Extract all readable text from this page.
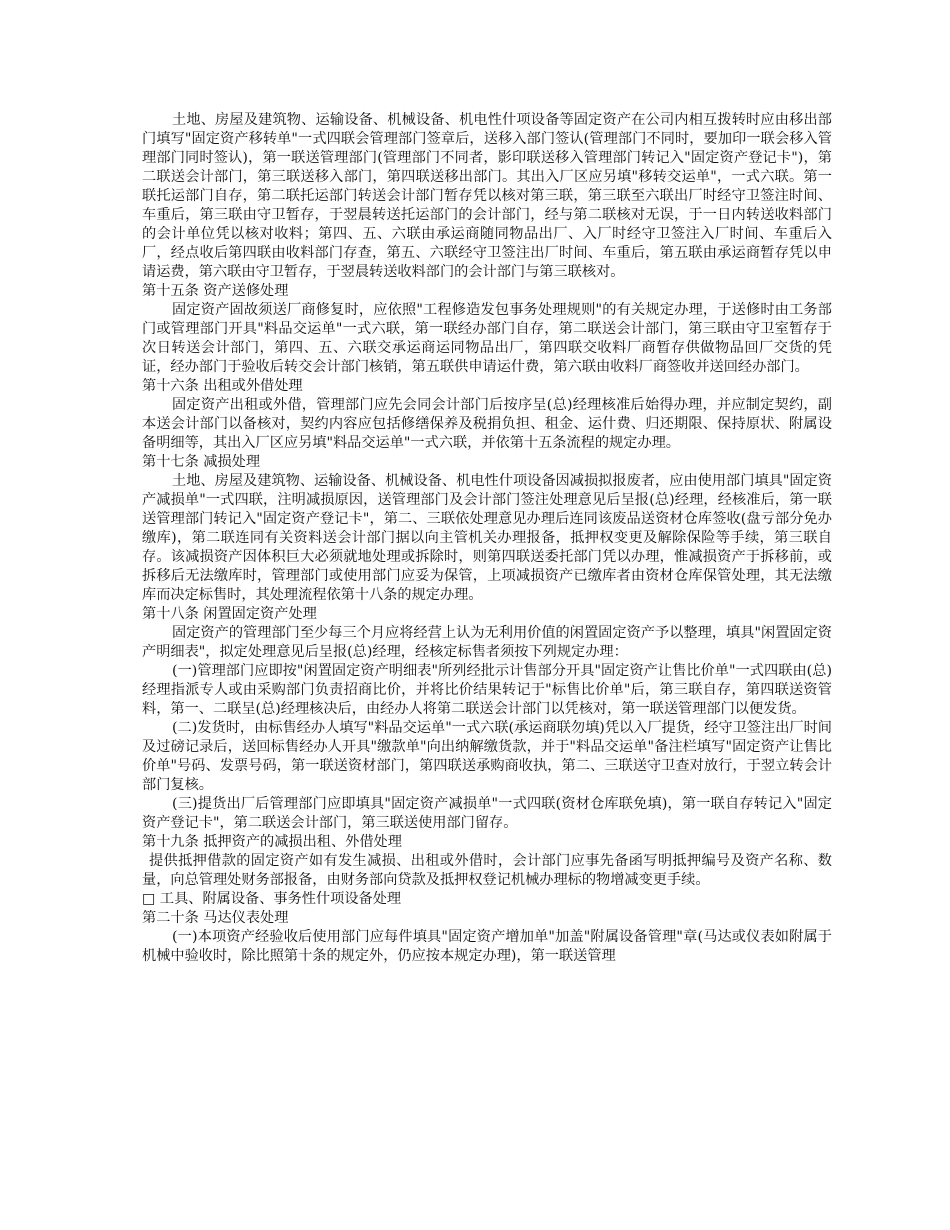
土地、房屋及建筑物、运输设备、机械设备、机电性什项设备等固定资产在公司内相互拨转时应由移出部门填写"固定资产移转单"一式四联会管理部门签章后，送移入部门签认(管理部门不同时，要加印一联会移入管理部门同时签认)，第一联送管理部门(管理部门不同者，影印联送移入管理部门转记入"固定资产登记卡")，第二联送会计部门，第三联送移入部门，第四联送移出部门。其出入厂区应另填"移转交运单"，一式六联。第一联托运部门自存，第二联托运部门转送会计部门暂存凭以核对第三联，第三联至六联出厂时经守卫签注时间、车重后，第三联由守卫暂存，于翌晨转送托运部门的会计部门，经与第二联核对无误，于一日内转送收料部门的会计单位凭以核对收料；第四、五、六联由承运商随同物品出厂、入厂时经守卫签注入厂时间、车重后入厂，经点收后第四联由收料部门存查，第五、六联经守卫签注出厂时间、车重后，第五联由承运商暂存凭以申请运费，第六联由守卫暂存，于翌晨转送收料部门的会计部门与第三联核对。

第十五条 资产送修处理

固定资产固故须送厂商修复时，应依照"工程修造发包事务处理规则"的有关规定办理，于送修时由工务部门或管理部门开具"料品交运单"一式六联，第一联经办部门自存，第二联送会计部门，第三联由守卫室暂存于次日转送会计部门，第四、五、六联交承运商运同物品出厂，第四联交收料厂商暂存供做物品回厂交货的凭证，经办部门于验收后转交会计部门核销，第五联供申请运什费，第六联由收料厂商签收并送回经办部门。

第十六条 出租或外借处理

固定资产出租或外借，管理部门应先会同会计部门后按序呈(总)经理核准后始得办理，并应制定契约，副本送会计部门以备核对，契约内容应包括修缮保养及税捐负担、租金、运什费、归还期限、保持原状、附属设备明细等，其出入厂区应另填"料品交运单"一式六联，并依第十五条流程的规定办理。

第十七条 减损处理

土地、房屋及建筑物、运输设备、机械设备、机电性什项设备因减损拟报废者，应由使用部门填具"固定资产减损单"一式四联，注明减损原因，送管理部门及会计部门签注处理意见后呈报(总)经理，经核准后，第一联送管理部门转记入"固定资产登记卡"，第二、三联依处理意见办理后连同该废品送资材仓库签收(盘亏部分免办缴库)，第二联连同有关资料送会计部门据以向主管机关办理报备，抵押权变更及解除保险等手续，第三联自存。该减损资产因体积巨大必须就地处理或拆除时，则第四联送委托部门凭以办理，惟减损资产于拆移前，或拆移后无法缴库时，管理部门或使用部门应妥为保管，上项减损资产已缴库者由资材仓库保管处理，其无法缴库而决定标售时，其处理流程依第十八条的规定办理。

第十八条 闲置固定资产处理

固定资产的管理部门至少每三个月应将经营上认为无利用价值的闲置固定资产予以整理，填具"闲置固定资产明细表"，拟定处理意见后呈报(总)经理，经核定标售者须按下列规定办理：

(一)管理部门应即按"闲置固定资产明细表"所列经批示计售部分开具"固定资产让售比价单"一式四联由(总)经理指派专人或由采购部门负责招商比价，并将比价结果转记于"标售比价单"后，第三联自存，第四联送资管料，第一、二联呈(总)经理核决后，由经办人将第二联送会计部门以凭核对，第一联送管理部门以便发货。

(二)发货时，由标售经办人填写"料品交运单"一式六联(承运商联勿填)凭以入厂提货，经守卫签注出厂时间及过磅记录后，送回标售经办人开具"缴款单"向出纳解缴货款，并于"料品交运单"备注栏填写"固定资产让售比价单"号码、发票号码，第一联送资材部门，第四联送承购商收执，第二、三联送守卫查对放行，于翌立转会计部门复核。

(三)提货出厂后管理部门应即填具"固定资产减损单"一式四联(资材仓库联免填)，第一联自存转记入"固定资产登记卡"，第二联送会计部门，第三联送使用部门留存。

第十九条 抵押资产的减损出租、外借处理

提供抵押借款的固定资产如有发生减损、出租或外借时，会计部门应事先备函写明抵押编号及资产名称、数量，向总管理处财务部报备，由财务部向贷款及抵押权登记机械办理标的物增减变更手续。

□ 工具、附属设备、事务性什项设备处理

第二十条 马达仪表处理

(一)本项资产经验收后使用部门应每件填具"固定资产增加单"加盖"附属设备管理"章(马达或仪表如附属于机械中验收时，除比照第十条的规定外，仍应按本规定办理)，第一联送管理
